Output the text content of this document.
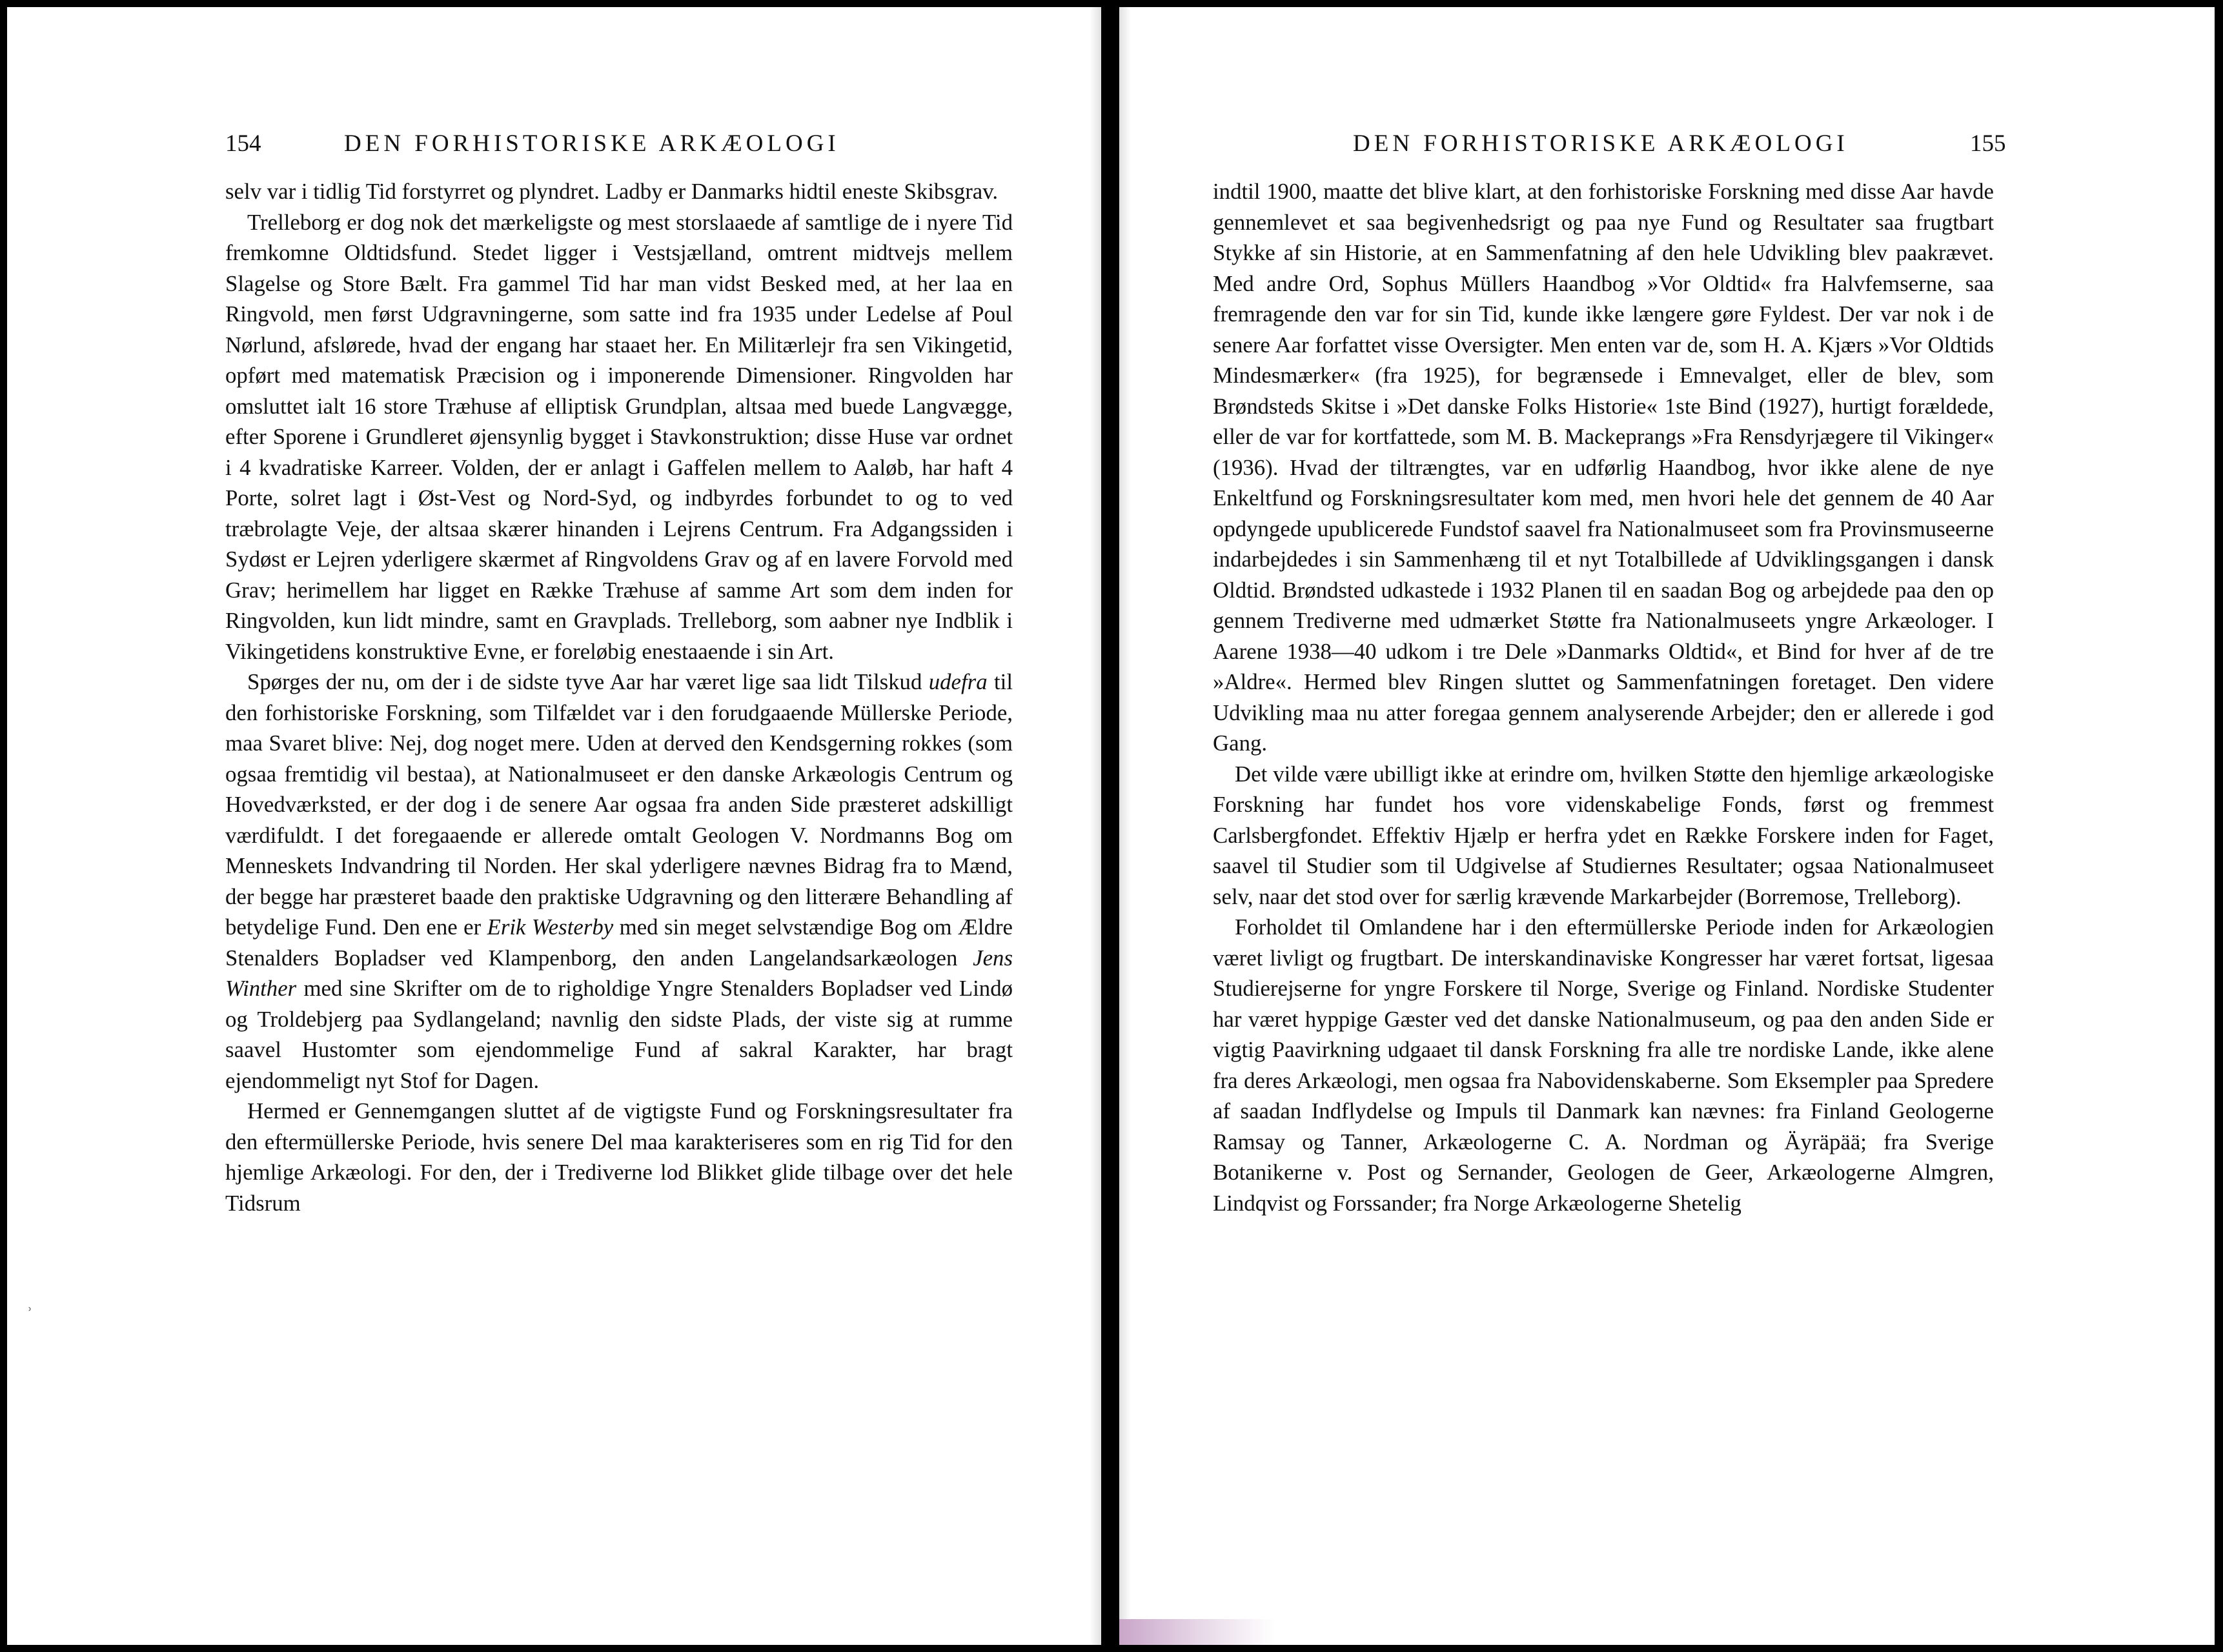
154	DEN FORHISTORISKE ARKÆOLOGI

selv var i tidlig Tid forstyrret og plyndret. Ladby er Danmarks hidtil eneste Skibsgrav.

Trelleborg er dog nok det mærkeligste og mest storslaaede af samtlige de i nyere Tid fremkomne Oldtidsfund. Stedet ligger i Vestsjælland, omtrent midtvejs mellem Slagelse og Store Bælt. Fra gammel Tid har man vidst Besked med, at her laa en Ringvold, men først Udgravningerne, som satte ind fra 1935 under Ledelse af Poul Nørlund, afslørede, hvad der engang har staaet her. En Militærlejr fra sen Vikingetid, opført med matematisk Præcision og i imponerende Dimensioner. Ringvolden har omsluttet ialt 16 store Træhuse af elliptisk Grundplan, altsaa med buede Langvægge, efter Sporene i Grundleret øjensynlig bygget i Stavkonstruktion; disse Huse var ordnet i 4 kvadratiske Karreer. Volden, der er anlagt i Gaffelen mellem to Aaløb, har haft 4 Porte, solret lagt i Øst-Vest og Nord-Syd, og indbyrdes forbundet to og to ved træbrolagte Veje, der altsaa skærer hinanden i Lejrens Centrum. Fra Adgangssiden i Sydøst er Lejren yderligere skærmet af Ringvoldens Grav og af en lavere Forvold med Grav; herimellem har ligget en Række Træhuse af samme Art som dem inden for Ringvolden, kun lidt mindre, samt en Gravplads. Trelleborg, som aabner nye Indblik i Vikingetidens konstruktive Evne, er foreløbig enestaaende i sin Art.

Spørges der nu, om der i de sidste tyve Aar har været lige saa lidt Tilskud udefra til den forhistoriske Forskning, som Tilfældet var i den forudgaaende Müllerske Periode, maa Svaret blive: Nej, dog noget mere. Uden at derved den Kendsgerning rokkes (som ogsaa fremtidig vil bestaa), at Nationalmuseet er den danske Arkæologis Centrum og Hovedværksted, er der dog i de senere Aar ogsaa fra anden Side præsteret adskilligt værdifuldt. I det foregaaende er allerede omtalt Geologen V. Nordmanns Bog om Menneskets Indvandring til Norden. Her skal yderligere nævnes Bidrag fra to Mænd, der begge har præsteret baade den praktiske Udgravning og den litterære Behandling af betydelige Fund. Den ene er Erik Westerby med sin meget selvstændige Bog om Ældre Stenalders Bopladser ved Klampenborg, den anden Langelandsarkæologen Jens Winther med sine Skrifter om de to righoldige Yngre Stenalders Bopladser ved Lindø og Troldebjerg paa Sydlangeland; navnlig den sidste Plads, der viste sig at rumme saavel Hustomter som ejendommelige Fund af sakral Karakter, har bragt ejendommeligt nyt Stof for Dagen.

Hermed er Gennemgangen sluttet af de vigtigste Fund og Forskningsresultater fra den eftermüllerske Periode, hvis senere Del maa karakteriseres som en rig Tid for den hjemlige Arkæologi. For den, der i Trediverne lod Blikket glide tilbage over det hele Tidsrum

ʾ
DEN FORHISTORISKE ARKÆOLOGI	155

indtil 1900, maatte det blive klart, at den forhistoriske Forskning med disse Aar havde gennemlevet et saa begivenhedsrigt og paa nye Fund og Resultater saa frugtbart Stykke af sin Historie, at en Sammenfatning af den hele Udvikling blev paakrævet. Med andre Ord, Sophus Müllers Haandbog »Vor Oldtid« fra Halvfemserne, saa fremragende den var for sin Tid, kunde ikke længere gøre Fyldest. Der var nok i de senere Aar forfattet visse Oversigter. Men enten var de, som H. A. Kjærs »Vor Oldtids Mindesmærker« (fra 1925), for begrænsede i Emnevalget, eller de blev, som Brøndsteds Skitse i »Det danske Folks Historie« 1ste Bind (1927), hurtigt forældede, eller de var for kortfattede, som M. B. Mackeprangs »Fra Rensdyrjægere til Vikinger« (1936). Hvad der tiltrængtes, var en udførlig Haandbog, hvor ikke alene de nye Enkeltfund og Forskningsresultater kom med, men hvori hele det gennem de 40 Aar opdyngede upublicerede Fundstof saavel fra Nationalmuseet som fra Provinsmuseerne indarbejdedes i sin Sammenhæng til et nyt Totalbillede af Udviklingsgangen i dansk Oldtid. Brøndsted udkastede i 1932 Planen til en saadan Bog og arbejdede paa den op gennem Trediverne med udmærket Støtte fra Nationalmuseets yngre Arkæologer. I Aarene 1938—40 udkom i tre Dele »Danmarks Oldtid«, et Bind for hver af de tre »Aldre«. Hermed blev Ringen sluttet og Sammenfatningen foretaget. Den videre Udvikling maa nu atter foregaa gennem analyserende Arbejder; den er allerede i god Gang.

Det vilde være ubilligt ikke at erindre om, hvilken Støtte den hjemlige arkæologiske Forskning har fundet hos vore videnskabelige Fonds, først og fremmest Carlsbergfondet. Effektiv Hjælp er herfra ydet en Række Forskere inden for Faget, saavel til Studier som til Udgivelse af Studiernes Resultater; ogsaa Nationalmuseet selv, naar det stod over for særlig krævende Markarbejder (Borremose, Trelleborg).

Forholdet til Omlandene har i den eftermüllerske Periode inden for Arkæologien været livligt og frugtbart. De interskandinaviske Kongresser har været fortsat, ligesaa Studierejserne for yngre Forskere til Norge, Sverige og Finland. Nordiske Studenter har været hyppige Gæster ved det danske Nationalmuseum, og paa den anden Side er vigtig Paavirkning udgaaet til dansk Forskning fra alle tre nordiske Lande, ikke alene fra deres Arkæologi, men ogsaa fra Nabovidenskaberne. Som Eksempler paa Spredere af saadan Indflydelse og Impuls til Danmark kan nævnes: fra Finland Geologerne Ramsay og Tanner, Arkæologerne C. A. Nordman og Äyräpää; fra Sverige Botanikerne v. Post og Sernander, Geologen de Geer, Arkæologerne Almgren, Lindqvist og Forssander; fra Norge Arkæologerne Shetelig
